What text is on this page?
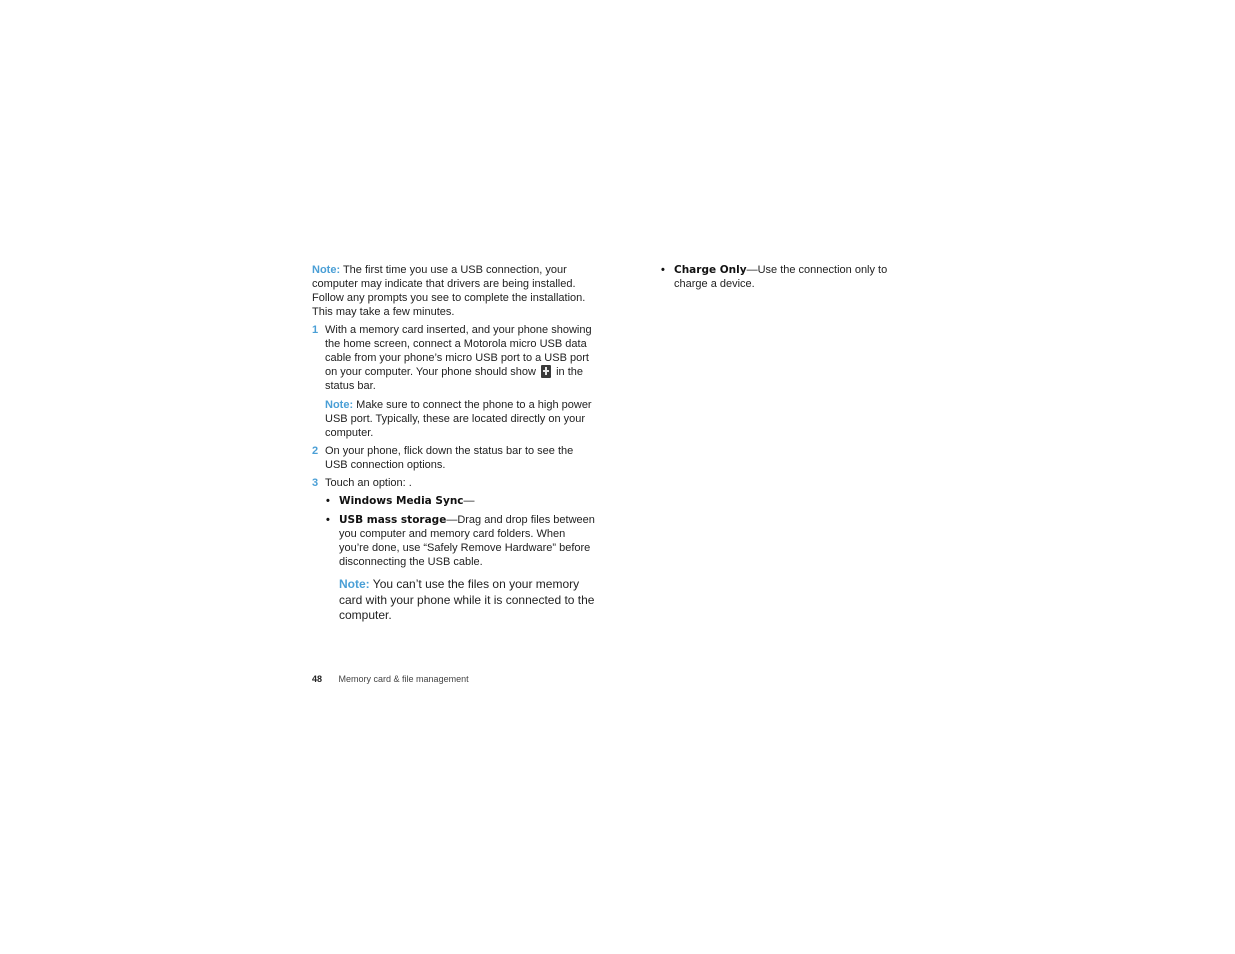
Note: The first time you use a USB connection, your computer may indicate that drivers are being installed. Follow any prompts you see to complete the installation. This may take a few minutes.

1 With a memory card inserted, and your phone showing the home screen, connect a Motorola micro USB data cable from your phone’s micro USB port to a USB port on your computer. Your phone should show  in the status bar.

Note: Make sure to connect the phone to a high power USB port. Typically, these are located directly on your computer.

2 On your phone, flick down the status bar to see the USB connection options.

3 Touch an option: .

• Windows Media Sync—
• USB mass storage—Drag and drop files between you computer and memory card folders. When you’re done, use “Safely Remove Hardware” before disconnecting the USB cable.

Note: You can’t use the files on your memory card with your phone while it is connected to the computer.

• Charge Only—Use the connection only to charge a device.
48 Memory card & file management
